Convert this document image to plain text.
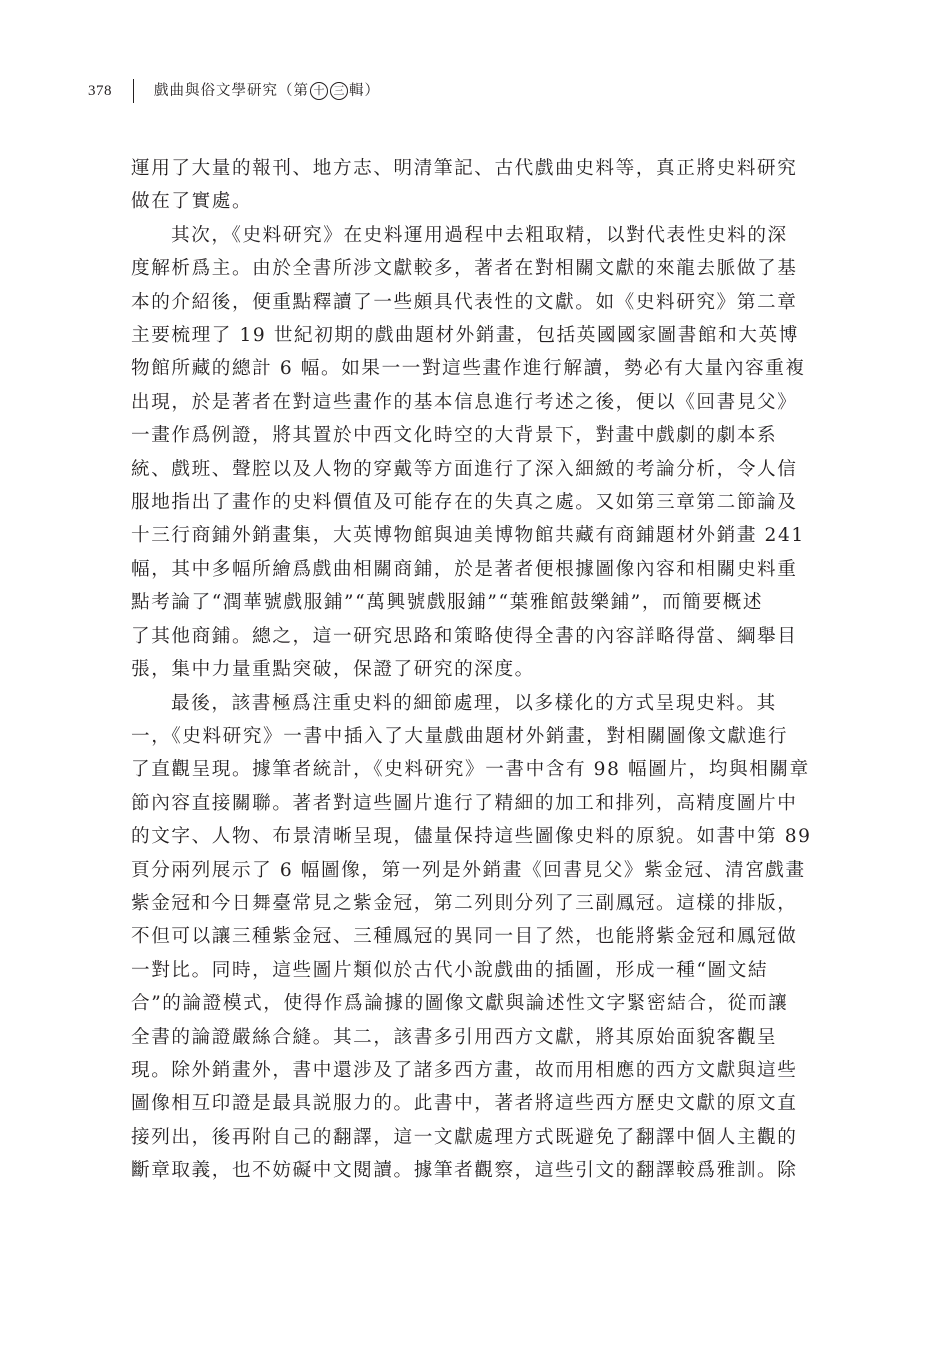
378	戲曲與俗文學研究（第 十 三 輯）

運用了大量的報刊、地方志、明清筆記、古代戲曲史料等，真正將史料研究
做在了實處。

其次，《史料研究》在史料運用過程中去粗取精，以對代表性史料的深
度解析爲主。由於全書所涉文獻較多，著者在對相關文獻的來龍去脈做了基
本的介紹後，便重點釋讀了一些頗具代表性的文獻。如《史料研究》第二章
主要梳理了 19 世紀初期的戲曲題材外銷畫，包括英國國家圖書館和大英博
物館所藏的總計 6 幅。如果一一對這些畫作進行解讀，勢必有大量內容重複
出現，於是著者在對這些畫作的基本信息進行考述之後，便以《回書見父》
一畫作爲例證，將其置於中西文化時空的大背景下，對畫中戲劇的劇本系
統、戲班、聲腔以及人物的穿戴等方面進行了深入細緻的考論分析，令人信
服地指出了畫作的史料價值及可能存在的失真之處。又如第三章第二節論及
十三行商鋪外銷畫集，大英博物館與迪美博物館共藏有商鋪題材外銷畫 241
幅，其中多幅所繪爲戲曲相關商鋪，於是著者便根據圖像內容和相關史料重
點考論了“潤華號戲服鋪”“萬興號戲服鋪”“葉雅館鼓樂鋪”，而簡要概述
了其他商鋪。總之，這一研究思路和策略使得全書的內容詳略得當、綱舉目
張，集中力量重點突破，保證了研究的深度。

最後，該書極爲注重史料的細節處理，以多樣化的方式呈現史料。其
一，《史料研究》一書中插入了大量戲曲題材外銷畫，對相關圖像文獻進行
了直觀呈現。據筆者統計，《史料研究》一書中含有 98 幅圖片，均與相關章
節內容直接關聯。著者對這些圖片進行了精細的加工和排列，高精度圖片中
的文字、人物、布景清晰呈現，儘量保持這些圖像史料的原貌。如書中第 89
頁分兩列展示了 6 幅圖像，第一列是外銷畫《回書見父》紫金冠、清宮戲畫
紫金冠和今日舞臺常見之紫金冠，第二列則分列了三副鳳冠。這樣的排版，
不但可以讓三種紫金冠、三種鳳冠的異同一目了然，也能將紫金冠和鳳冠做
一對比。同時，這些圖片類似於古代小說戲曲的插圖，形成一種“圖文結
合”的論證模式，使得作爲論據的圖像文獻與論述性文字緊密結合，從而讓
全書的論證嚴絲合縫。其二，該書多引用西方文獻，將其原始面貌客觀呈
現。除外銷畫外，書中還涉及了諸多西方畫，故而用相應的西方文獻與這些
圖像相互印證是最具説服力的。此書中，著者將這些西方歷史文獻的原文直
接列出，後再附自己的翻譯，這一文獻處理方式既避免了翻譯中個人主觀的
斷章取義，也不妨礙中文閱讀。據筆者觀察，這些引文的翻譯較爲雅訓。除
